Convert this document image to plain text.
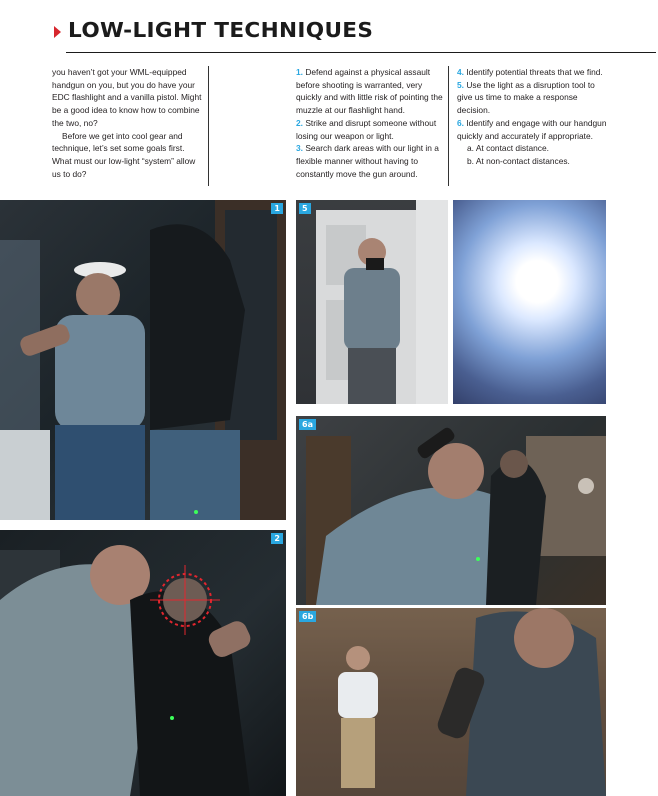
LOW-LIGHT TECHNIQUES

you haven’t got your WML-equipped handgun on you, but you do have your EDC flashlight and a vanilla pistol. Might be a good idea to know how to combine the two, no?

Before we get into cool gear and technique, let’s set some goals first. What must our low-light “system” allow us to do?

1. Defend against a physical assault before shooting is warranted, very quickly and with little risk of pointing the muzzle at our flashlight hand.

2. Strike and disrupt someone without losing our weapon or light.

3. Search dark areas with our light in a flexible manner without having to constantly move the gun around.

4. Identify potential threats that we find.

5. Use the light as a disruption tool to give us time to make a response decision.

6. Identify and engage with our handgun quickly and accurately if appropriate.

a. At contact distance.

b. At non-contact distances.

1	5
2
6a
6b
